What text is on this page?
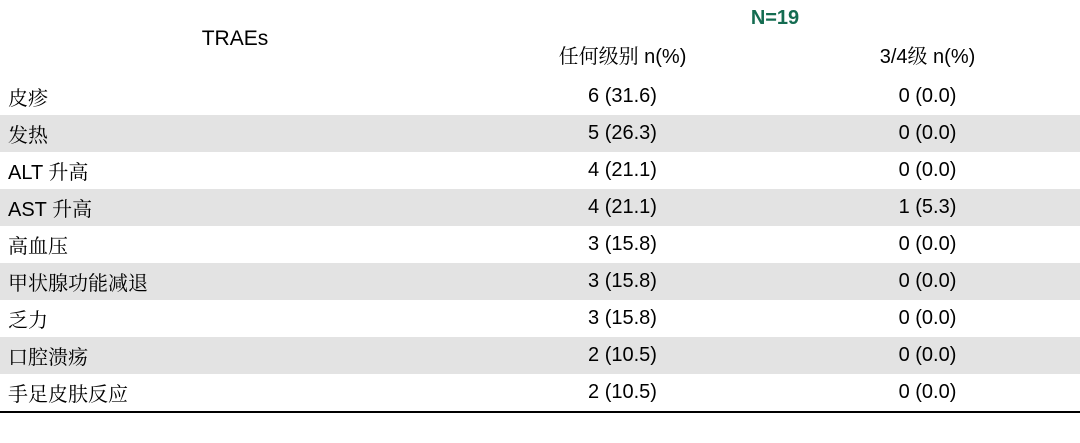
TRAEs	N=19	
	任何级别 n(%)	3/4级 n(%)
皮疹	6 (31.6)	0 (0.0)
发热	5 (26.3)	0 (0.0)
ALT 升高	4 (21.1)	0 (0.0)
AST 升高	4 (21.1)	1 (5.3)
高血压	3 (15.8)	0 (0.0)
甲状腺功能减退	3 (15.8)	0 (0.0)
乏力	3 (15.8)	0 (0.0)
口腔溃疡	2 (10.5)	0 (0.0)
手足皮肤反应	2 (10.5)	0 (0.0)
